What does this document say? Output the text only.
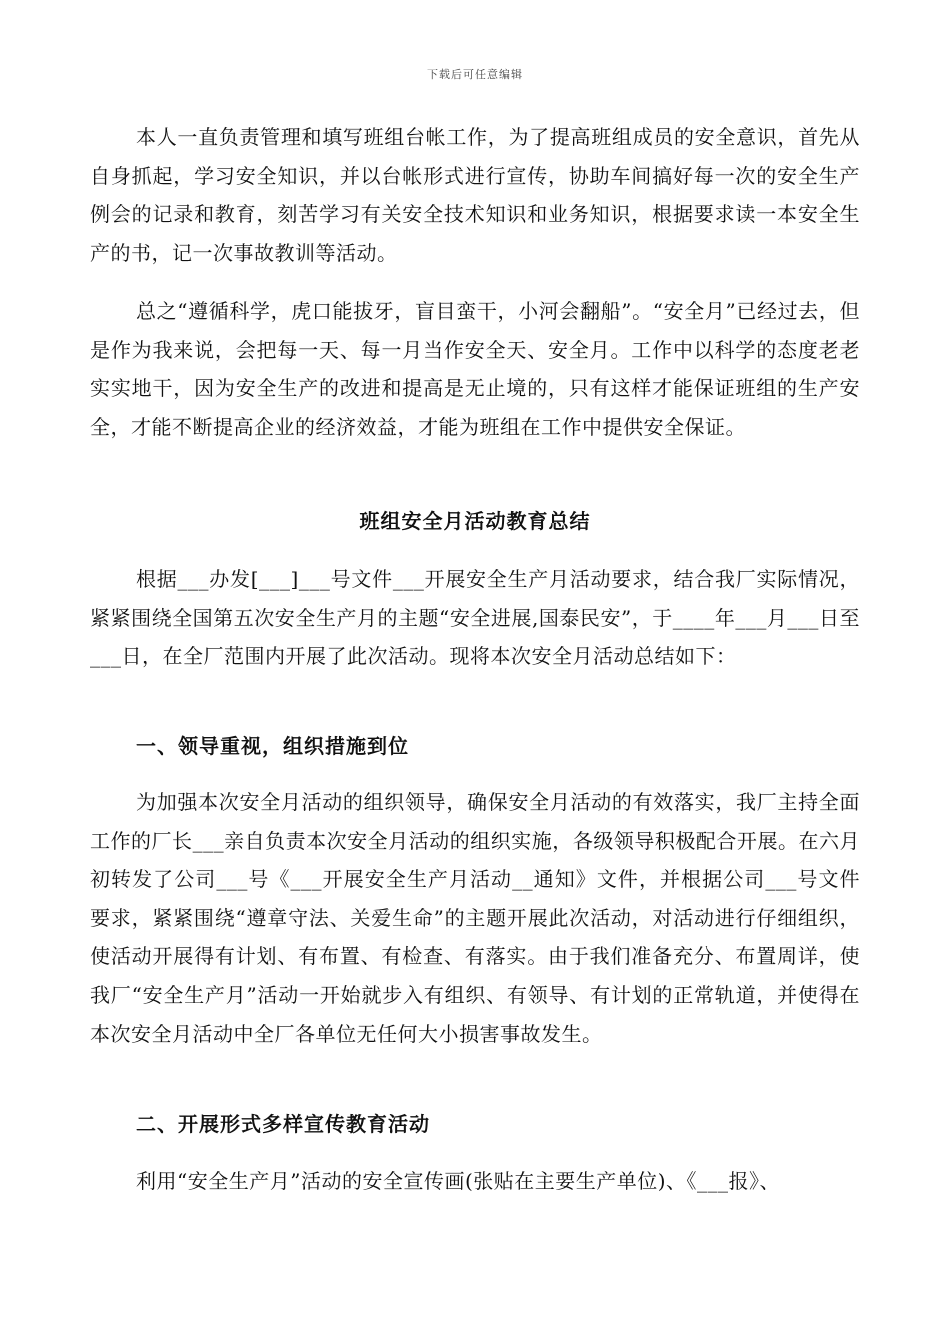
下载后可任意编辑
本人一直负责管理和填写班组台帐工作，为了提高班组成员的安全意识，首先从自身抓起，学习安全知识，并以台帐形式进行宣传，协助车间搞好每一次的安全生产例会的记录和教育，刻苦学习有关安全技术知识和业务知识，根据要求读一本安全生产的书，记一次事故教训等活动。
总之“遵循科学，虎口能拔牙，盲目蛮干，小河会翻船”。“安全月”已经过去，但是作为我来说，会把每一天、每一月当作安全天、安全月。工作中以科学的态度老老实实地干，因为安全生产的改进和提高是无止境的，只有这样才能保证班组的生产安全，才能不断提高企业的经济效益，才能为班组在工作中提供安全保证。
班组安全月活动教育总结
根据___办发[___]___号文件___开展安全生产月活动要求，结合我厂实际情况，紧紧围绕全国第五次安全生产月的主题“安全进展,国泰民安”，于____年___月___日至___日，在全厂范围内开展了此次活动。现将本次安全月活动总结如下：
一、领导重视，组织措施到位
为加强本次安全月活动的组织领导，确保安全月活动的有效落实，我厂主持全面工作的厂长___亲自负责本次安全月活动的组织实施，各级领导积极配合开展。在六月初转发了公司___号《___开展安全生产月活动__通知》文件，并根据公司___号文件要求，紧紧围绕“遵章守法、关爱生命”的主题开展此次活动，对活动进行仔细组织，使活动开展得有计划、有布置、有检查、有落实。由于我们准备充分、布置周详，使我厂“安全生产月”活动一开始就步入有组织、有领导、有计划的正常轨道，并使得在本次安全月活动中全厂各单位无任何大小损害事故发生。
二、开展形式多样宣传教育活动
利用“安全生产月”活动的安全宣传画(张贴在主要生产单位)、《___报》、
